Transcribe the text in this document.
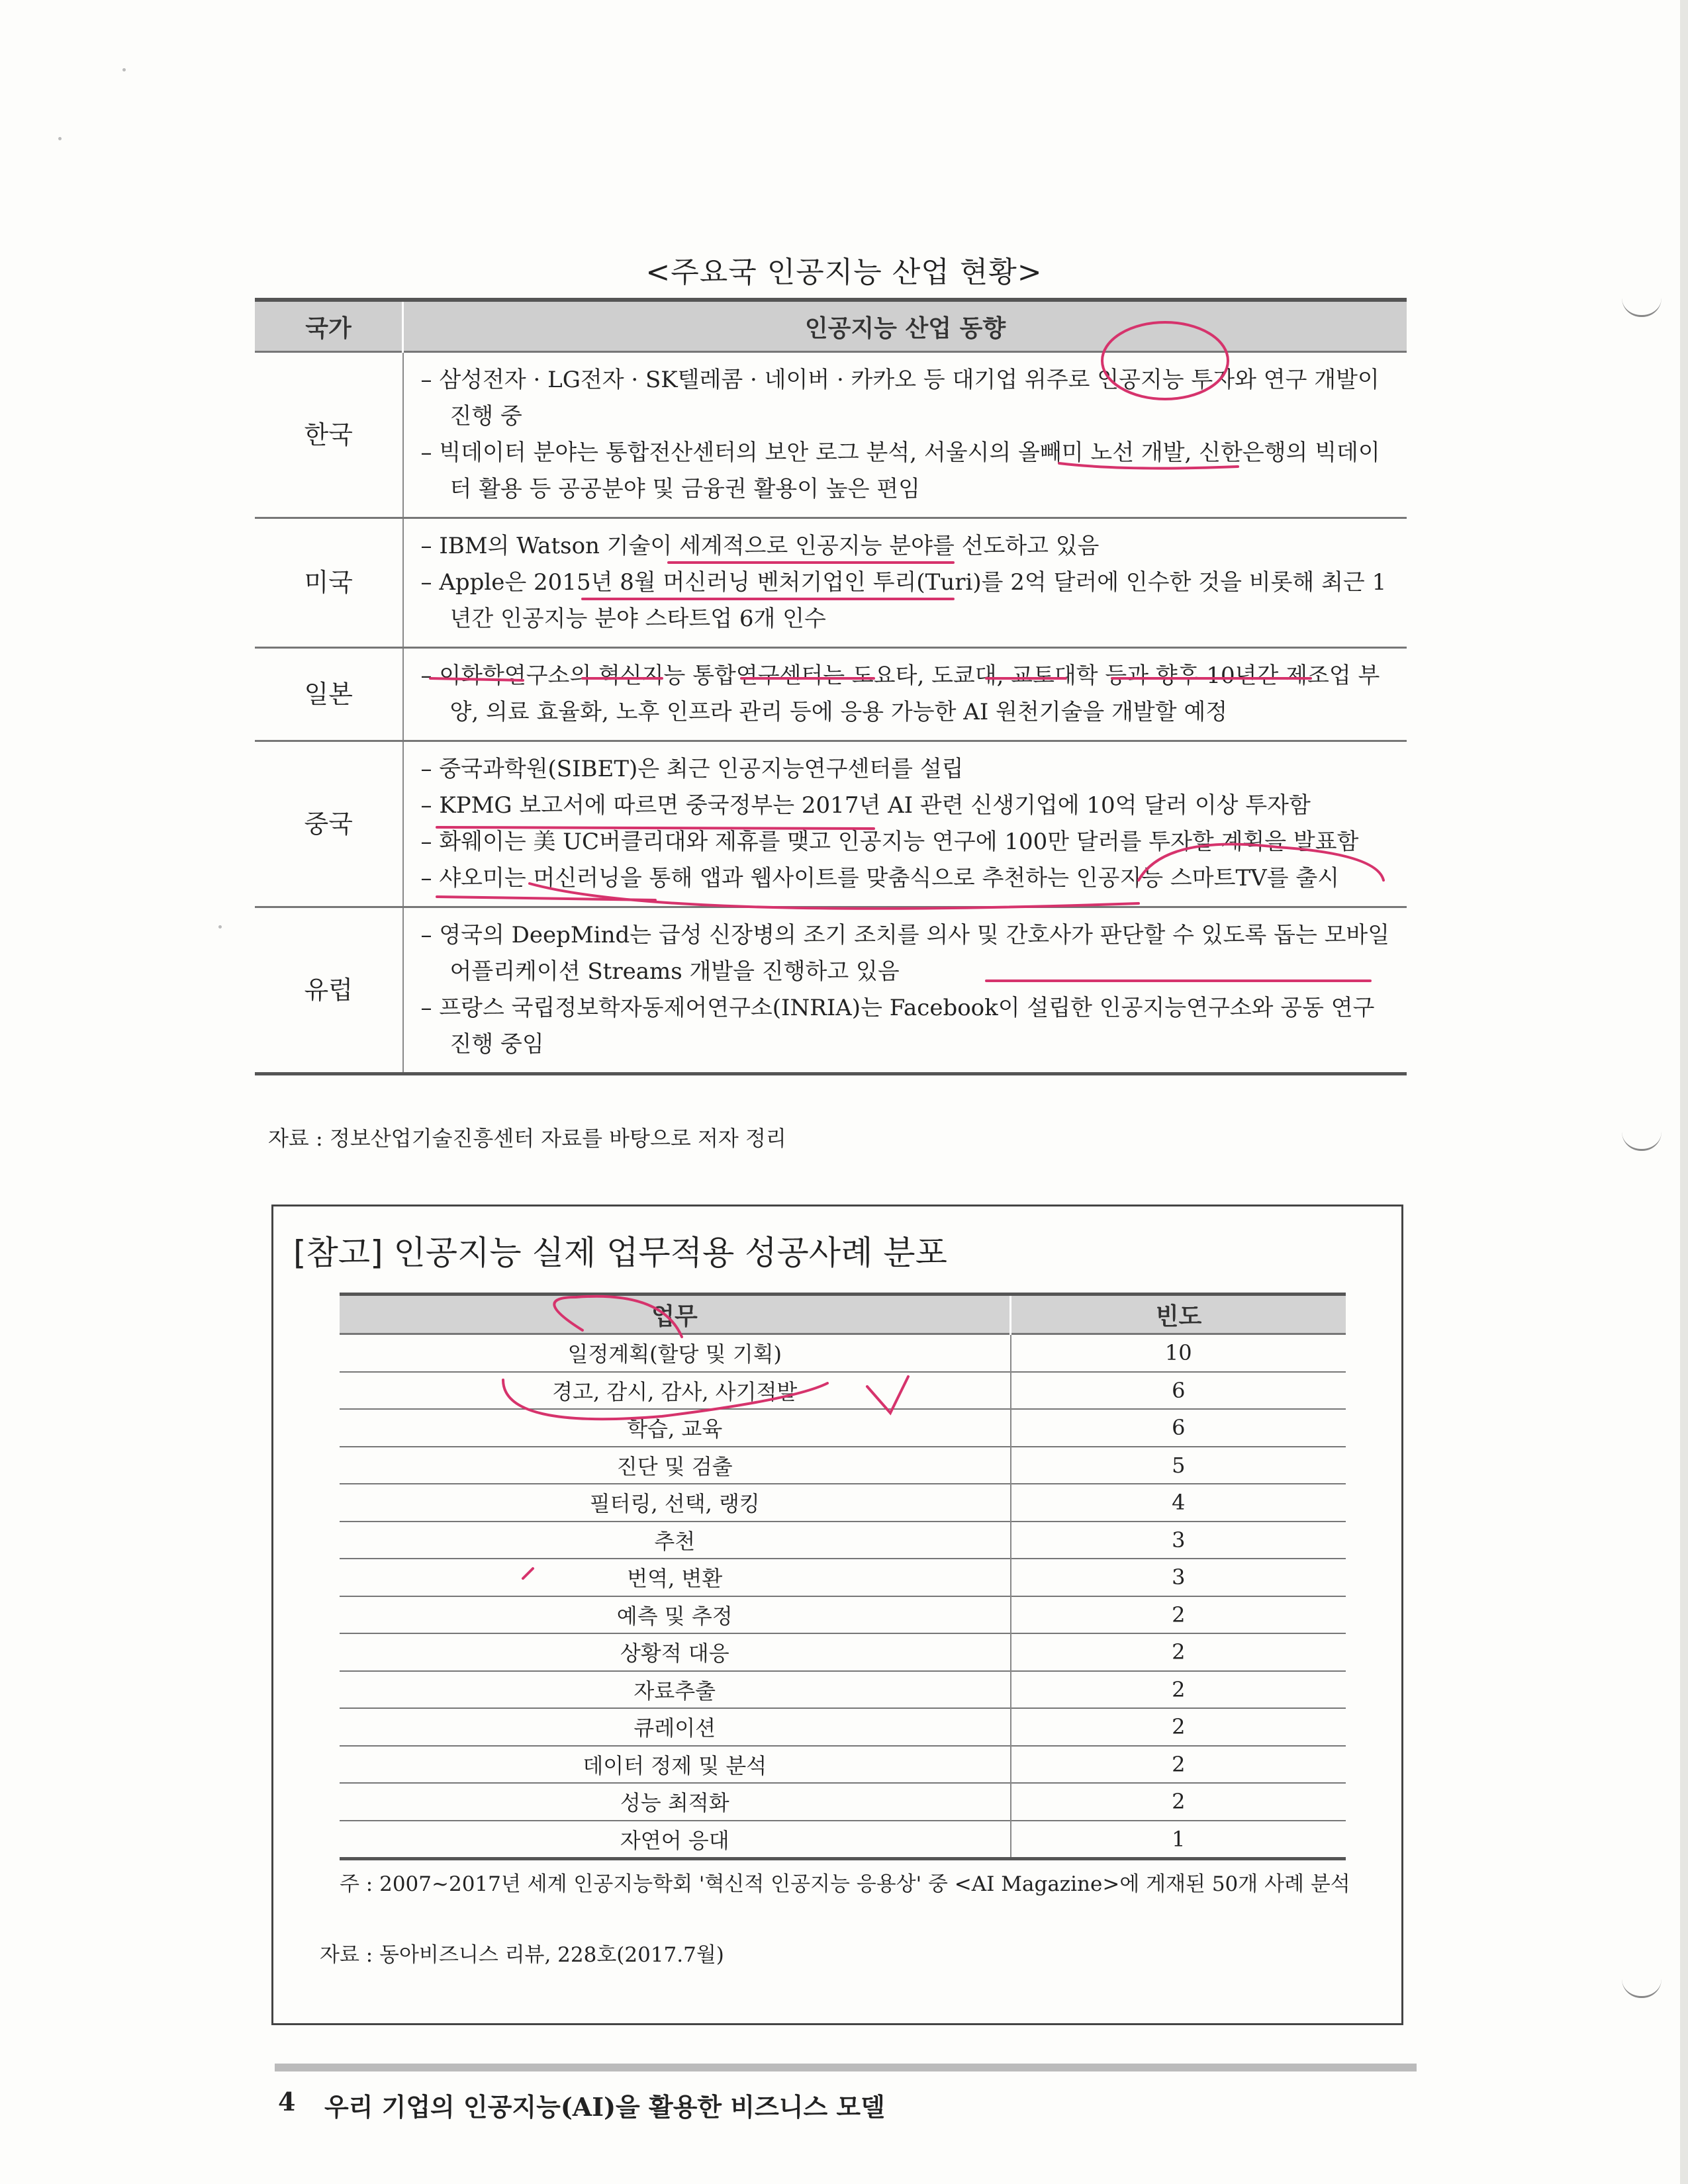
<주요국 인공지능 산업 현황>
국가	인공지능 산업 동향
한국	– 삼성전자 · LG전자 · SK텔레콤 · 네이버 · 카카오 등 대기업 위주로 인공지능 투자와 연구 개발이 진행 중
– 빅데이터 분야는 통합전산센터의 보안 로그 분석, 서울시의 올빼미 노선 개발, 신한은행의 빅데이터 활용 등 공공분야 및 금융권 활용이 높은 편임

미국	– IBM의 Watson 기술이 세계적으로 인공지능 분야를 선도하고 있음
– Apple은 2015년 8월 머신러닝 벤처기업인 투리(Turi)를 2억 달러에 인수한 것을 비롯해 최근 1년간 인공지능 분야 스타트업 6개 인수

일본	– 이화학연구소의 혁신지능 통합연구센터는 도요타, 도쿄대, 교토대학 등과 향후 10년간 제조업 부양, 의료 효율화, 노후 인프라 관리 등에 응용 가능한 AI 원천기술을 개발할 예정

중국	– 중국과학원(SIBET)은 최근 인공지능연구센터를 설립
– KPMG 보고서에 따르면 중국정부는 2017년 AI 관련 신생기업에 10억 달러 이상 투자함
– 화웨이는 美 UC버클리대와 제휴를 맺고 인공지능 연구에 100만 달러를 투자할 계획을 발표함
– 샤오미는 머신러닝을 통해 앱과 웹사이트를 맞춤식으로 추천하는 인공지능 스마트TV를 출시

유럽	– 영국의 DeepMind는 급성 신장병의 조기 조치를 의사 및 간호사가 판단할 수 있도록 돕는 모바일 어플리케이션 Streams 개발을 진행하고 있음
– 프랑스 국립정보학자동제어연구소(INRIA)는 Facebook이 설립한 인공지능연구소와 공동 연구 진행 중임
자료 : 정보산업기술진흥센터 자료를 바탕으로 저자 정리
[참고] 인공지능 실제 업무적용 성공사례 분포
업무	빈도
일정계획(할당 및 기획)	10
경고, 감시, 감사, 사기적발	6
학습, 교육	6
진단 및 검출	5
필터링, 선택, 랭킹	4
추천	3
번역, 변환	3
예측 및 추정	2
상황적 대응	2
자료추출	2
큐레이션	2
데이터 정제 및 분석	2
성능 최적화	2
자연어 응대	1
주 : 2007~2017년 세계 인공지능학회 '혁신적 인공지능 응용상' 중 <AI Magazine>에 게재된 50개 사례 분석
자료 : 동아비즈니스 리뷰, 228호(2017.7월)
4 우리 기업의 인공지능(AI)을 활용한 비즈니스 모델
